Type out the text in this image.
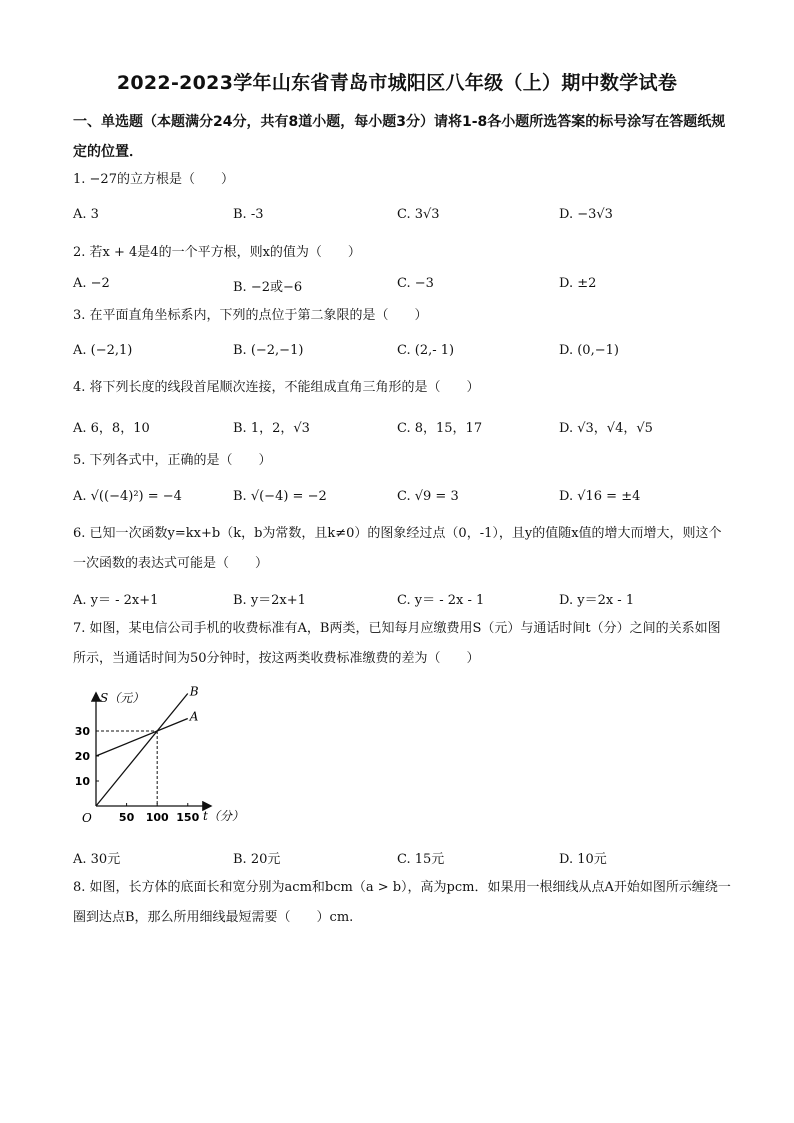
2022-2023学年山东省青岛市城阳区八年级（上）期中数学试卷
一、单选题（本题满分24分，共有8道小题，每小题3分）请将1-8各小题所选答案的标号涂写在答题纸规定的位置．
1. −27的立方根是（　　）
A. 3	B. -3	C. 3√3	D. −3√3
2. 若x + 4是4的一个平方根，则x的值为（　　）
A. −2	B. −2或−6	C. −3	D. ±2
3. 在平面直角坐标系内，下列的点位于第二象限的是（　　）
A. (−2,1)	B. (−2,−1)	C. (2,- 1)	D. (0,−1)
4. 将下列长度的线段首尾顺次连接，不能组成直角三角形的是（　　）
A. 6，8，10	B. 1，2，√3	C. 8，15，17	D. √3，√4，√5
5. 下列各式中，正确的是（　　）
A. √((−4)²) = −4	B. √(−4) = −2	C. √9 = 3	D. √16 = ±4
6. 已知一次函数y=kx+b（k，b为常数，且k≠0）的图象经过点（0，-1），且y的值随x值的增大而增大，则这个一次函数的表达式可能是（　　）
A. y＝ - 2x+1	B. y＝2x+1	C. y＝ - 2x - 1	D. y＝2x - 1
7. 如图，某电信公司手机的收费标准有A，B两类，已知每月应缴费用S（元）与通话时间t（分）之间的关系如图所示，当通话时间为50分钟时，按这两类收费标准缴费的差为（　　）
50 100 150
10
20
30
A
B
S（元）
t（分）
O
A. 30元	B. 20元	C. 15元	D. 10元
8. 如图，长方体的底面长和宽分别为acm和bcm（a > b），高为pcm．如果用一根细线从点A开始如图所示缠绕一圈到达点B，那么所用细线最短需要（　　）cm.
